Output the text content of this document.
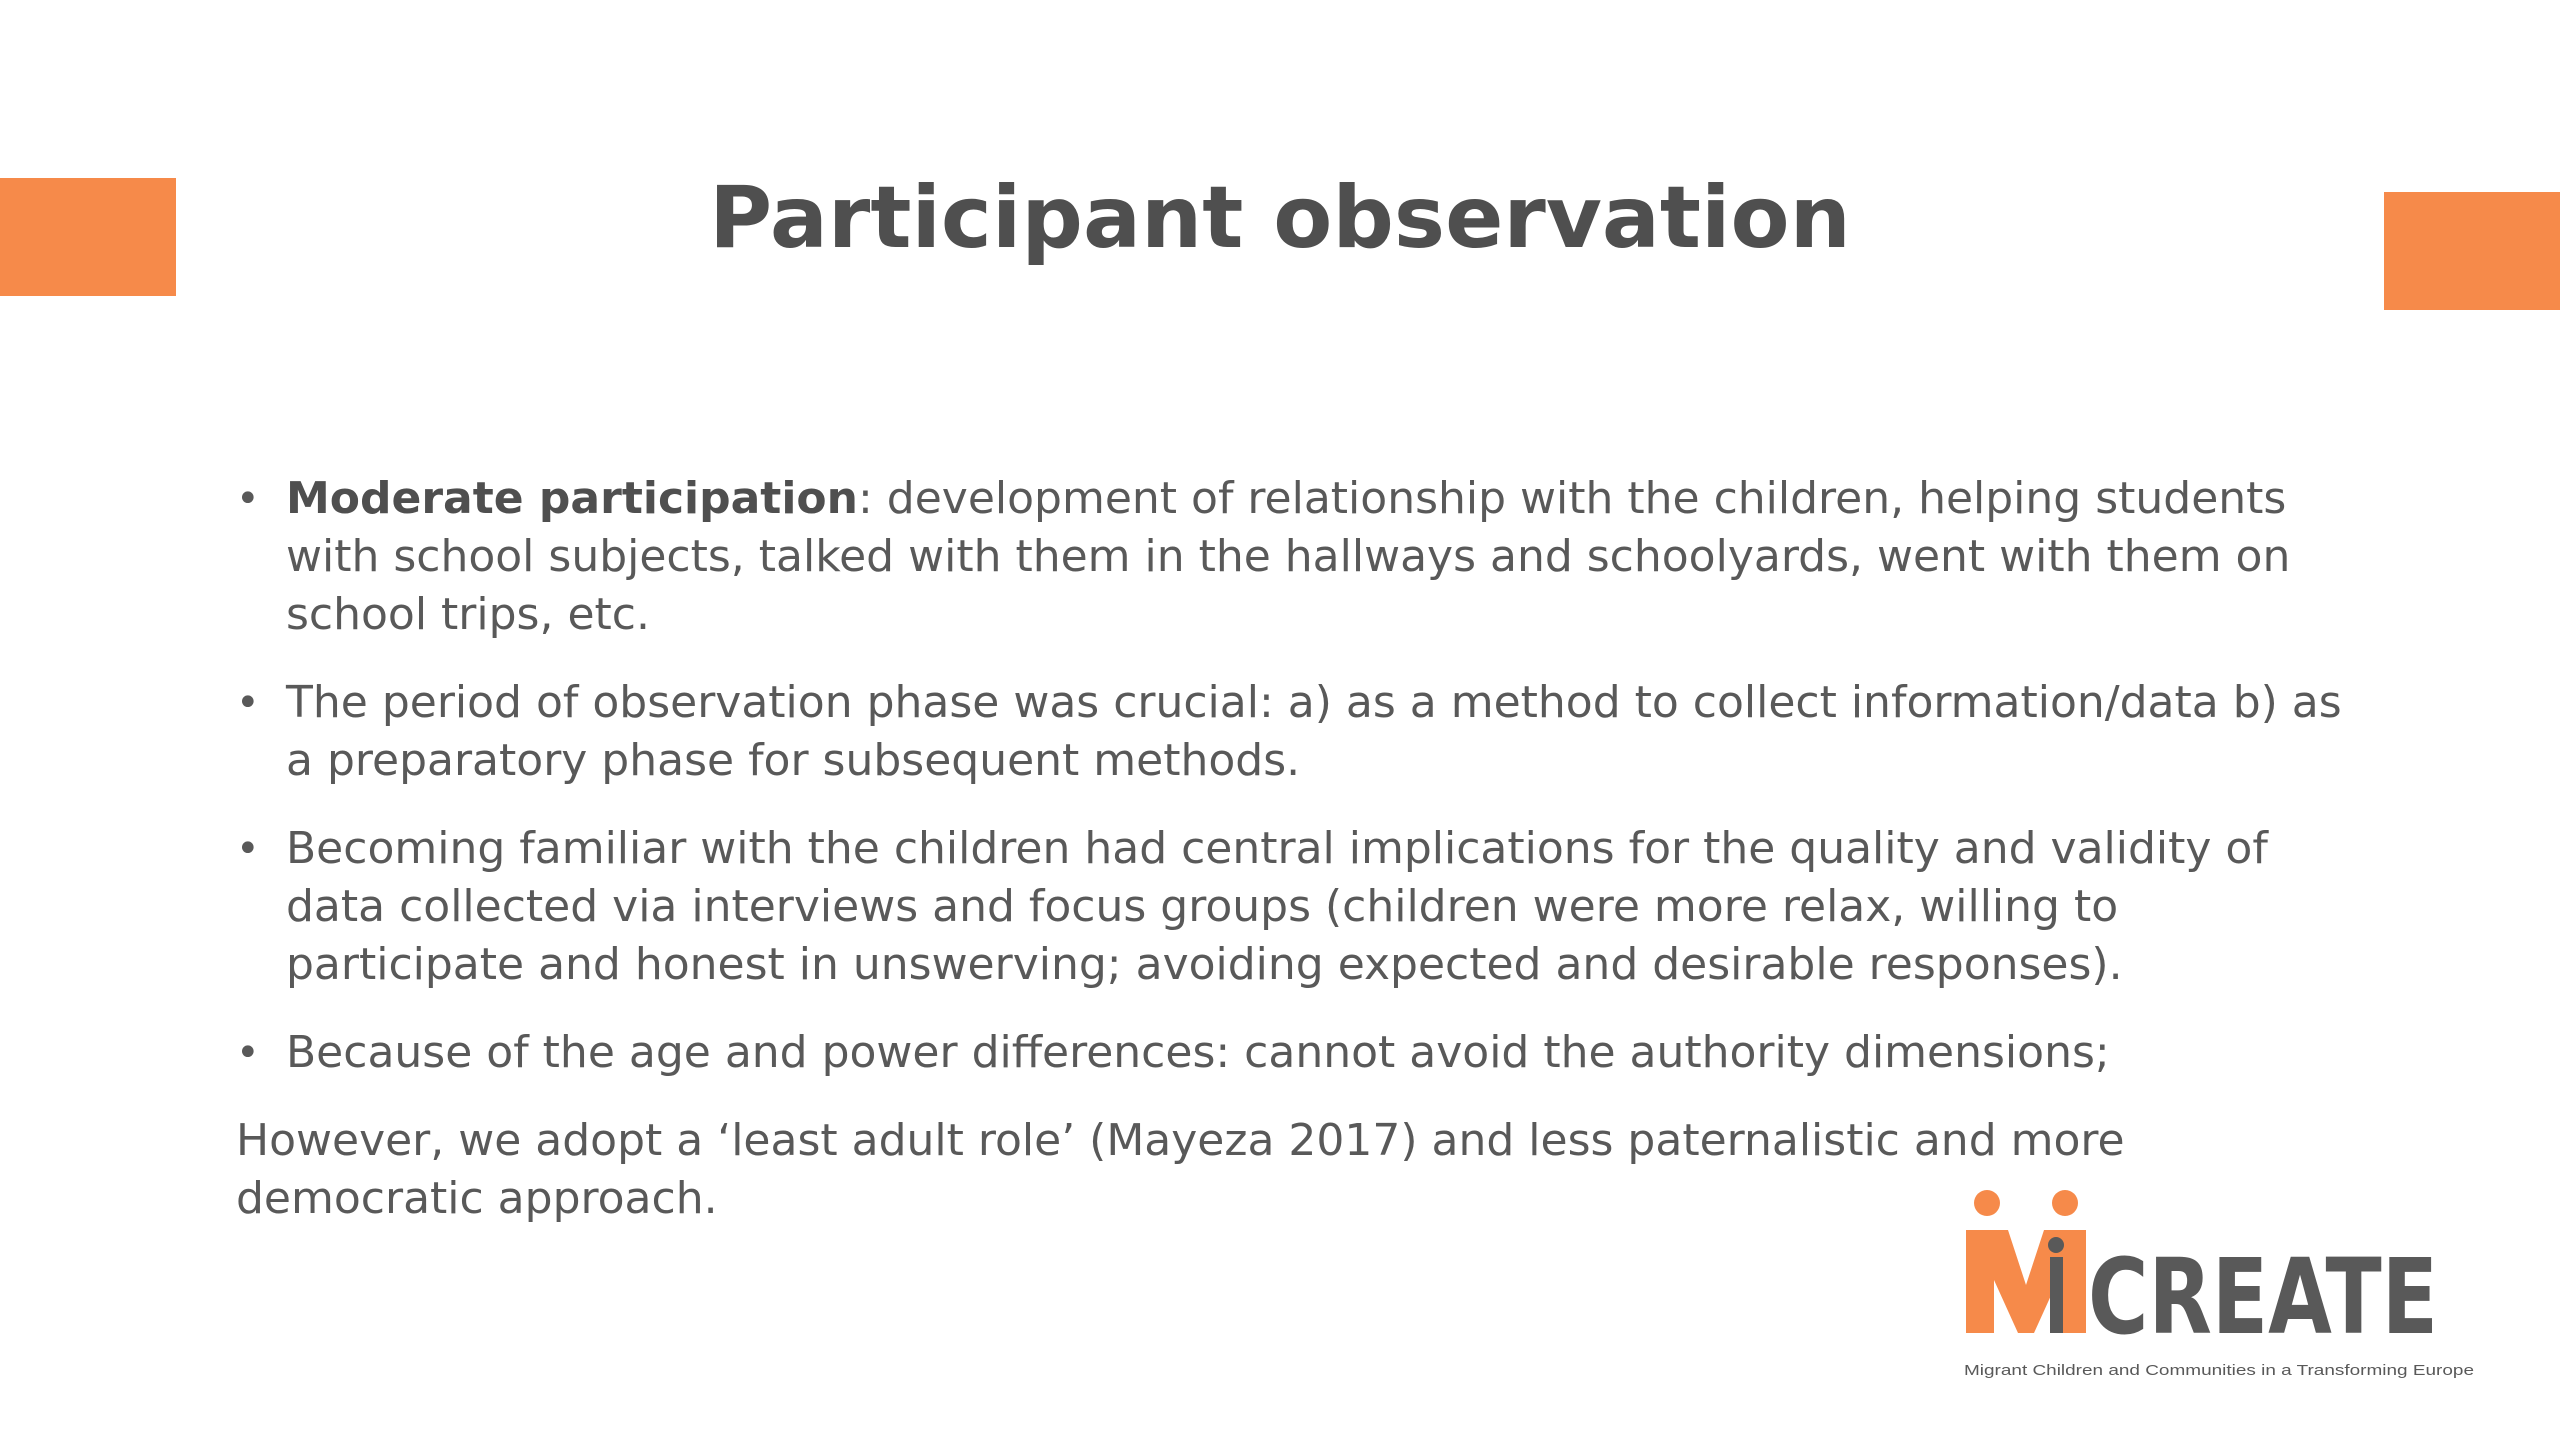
Participant observation
• Moderate participation: development of relationship with the children, helping students with school subjects, talked with them in the hallways and schoolyards, went with them on school trips, etc.
• The period of observation phase was crucial: a) as a method to collect information/data b) as a preparatory phase for subsequent methods.
• Becoming familiar with the children had central implications for the quality and validity of data collected via interviews and focus groups (children were more relax, willing to participate and honest in unswerving; avoiding expected and desirable responses).
• Because of the age and power differences: cannot avoid the authority dimensions;

However, we adopt a ‘least adult role’ (Mayeza 2017) and less paternalistic and more democratic approach.

CREATE
Migrant Children and Communities in a Transforming Europe
